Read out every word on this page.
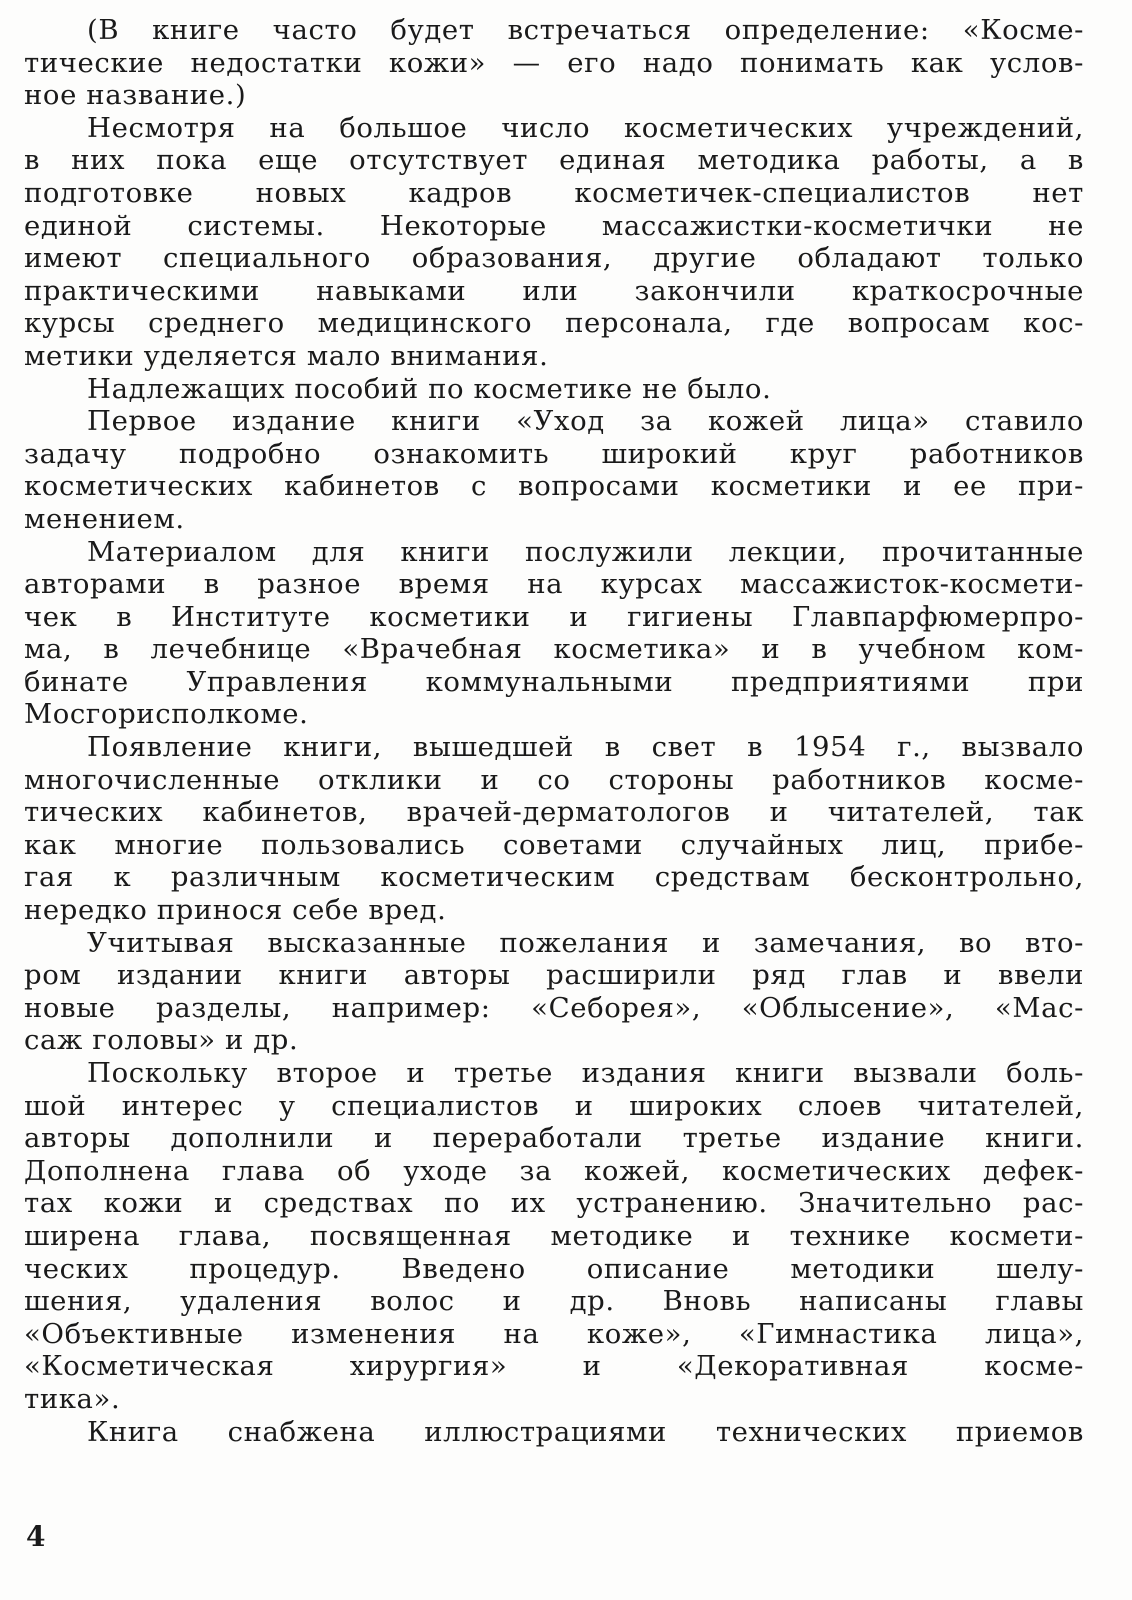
(В книге часто будет встречаться определение: «Косме-
тические недостатки кожи» — его надо понимать как услов-
ное название.)
Несмотря на большое число косметических учреждений,
в них пока еще отсутствует единая методика работы, а в
подготовке новых кадров косметичек-специалистов нет
единой системы. Некоторые массажистки-косметички не
имеют специального образования, другие обладают только
практическими навыками или закончили краткосрочные
курсы среднего медицинского персонала, где вопросам кос-
метики уделяется мало внимания.
Надлежащих пособий по косметике не было.
Первое издание книги «Уход за кожей лица» ставило
задачу подробно ознакомить широкий круг работников
косметических кабинетов с вопросами косметики и ее при-
менением.
Материалом для книги послужили лекции, прочитанные
авторами в разное время на курсах массажисток-космети-
чек в Институте косметики и гигиены Главпарфюмерпро-
ма, в лечебнице «Врачебная косметика» и в учебном ком-
бинате Управления коммунальными предприятиями при
Мосгорисполкоме.
Появление книги, вышедшей в свет в 1954 г., вызвало
многочисленные отклики и со стороны работников косме-
тических кабинетов, врачей-дерматологов и читателей, так
как многие пользовались советами случайных лиц, прибе-
гая к различным косметическим средствам бесконтрольно,
нередко принося себе вред.
Учитывая высказанные пожелания и замечания, во вто-
ром издании книги авторы расширили ряд глав и ввели
новые разделы, например: «Себорея», «Облысение», «Мас-
саж головы» и др.
Поскольку второе и третье издания книги вызвали боль-
шой интерес у специалистов и широких слоев читателей,
авторы дополнили и переработали третье издание книги.
Дополнена глава об уходе за кожей, косметических дефек-
тах кожи и средствах по их устранению. Значительно рас-
ширена глава, посвященная методике и технике космети-
ческих процедур. Введено описание методики шелу-
шения, удаления волос и др. Вновь написаны главы
«Объективные изменения на коже», «Гимнастика лица»,
«Косметическая хирургия» и «Декоративная косме-
тика».
Книга снабжена иллюстрациями технических приемов
4
